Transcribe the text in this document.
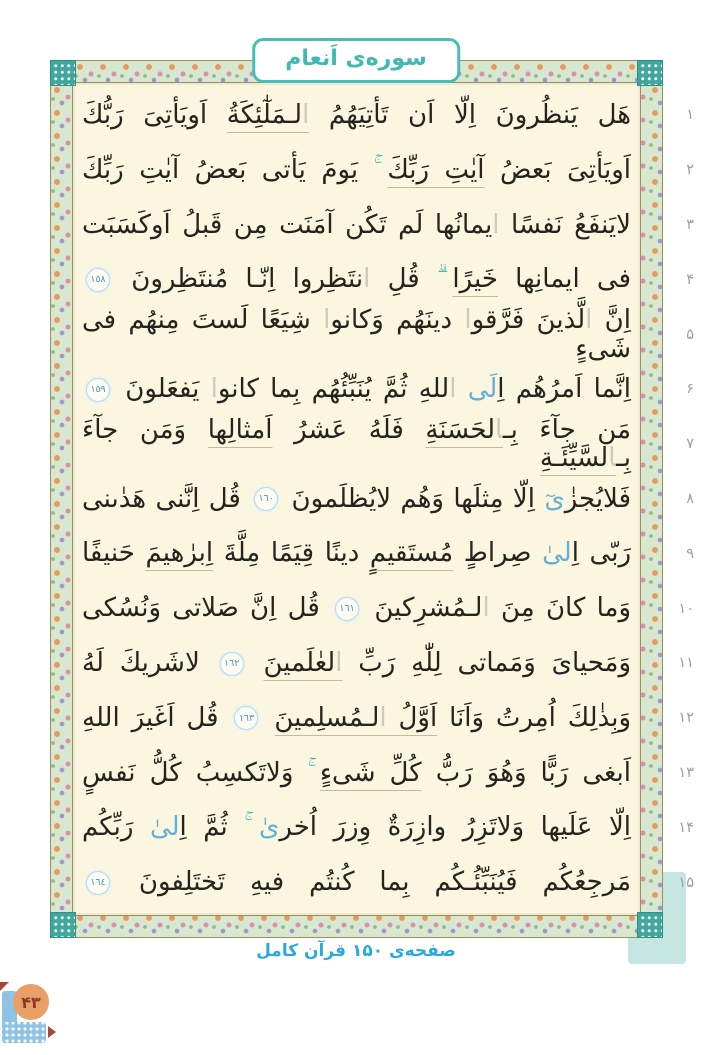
سوره‌ی اَنعام
هَل يَنظُرونَ اِلّا اَن تَأتِيَهُمُ الـمَلٰٓئِكَةُ اَويَأتِىَ رَبُّكَ
اَويَأتِىَ بَعضُ آيٰتِ رَبِّكَ ۚ يَومَ يَأتى بَعضُ آيٰتِ رَبِّكَ
لايَنفَعُ نَفسًا ايمانُها لَم تَكُن آمَنَت مِن قَبلُ اَوكَسَبَت
فى ايمانِها خَيرًا ۗ قُلِ انتَظِروا اِنّـا مُنتَظِرونَ
١٥٨
اِنَّ الَّذينَ فَرَّقوا دينَهُم وَكانوا شِيَعًا لَستَ مِنهُم فى شَىءٍ
اِنَّما اَمرُهُم اِلَى اللهِ ثُمَّ يُنَبِّئُهُم بِما كانوا يَفعَلونَ
١٥٩
مَن جآءَ بِـالحَسَنَةِ فَلَهُ عَشرُ اَمثالِها وَمَن جآءَ بِـالسَّيِّئَـةِ
فَلايُجزٰىٓ اِلّا مِثلَها وَهُم لايُظلَمونَ
١٦٠
قُل اِنَّنى هَدٰىنى
رَبّى اِلىٰ صِراطٍ مُستَقيمٍ دينًا قِيَمًا مِلَّةَ اِبرٰهيمَ حَنيفًا
وَما كانَ مِنَ الـمُشرِكينَ
١٦١
قُل اِنَّ صَلاتى وَنُسُكى
وَمَحياىَ وَمَماتى لِلّٰهِ رَبِّ العٰلَمينَ
١٦٢
لاشَريكَ لَهُ
وَبِذٰلِكَ اُمِرتُ وَاَنَا اَوَّلُ الـمُسلِمينَ
١٦٣
قُل اَغَيرَ اللهِ
اَبغى رَبًّا وَهُوَ رَبُّ كُلِّ شَىءٍ ۚ وَلاتَكسِبُ كُلُّ نَفسٍ
اِلّا عَلَيها وَلاتَزِرُ وازِرَةٌ وِزرَ اُخرىٰ ۚ ثُمَّ اِلىٰ رَبِّكُم
مَرجِعُكُم فَيُنَبِّئُـكُم بِما كُنتُم فيهِ تَختَلِفونَ
١٦٤
۱
۲
۳
۴
۵
۶
۷
۸
۹
۱۰
۱۱
۱۲
۱۳
۱۴
۱۵
صفحه‌ی ۱۵۰ قرآن کامل
۴۳
